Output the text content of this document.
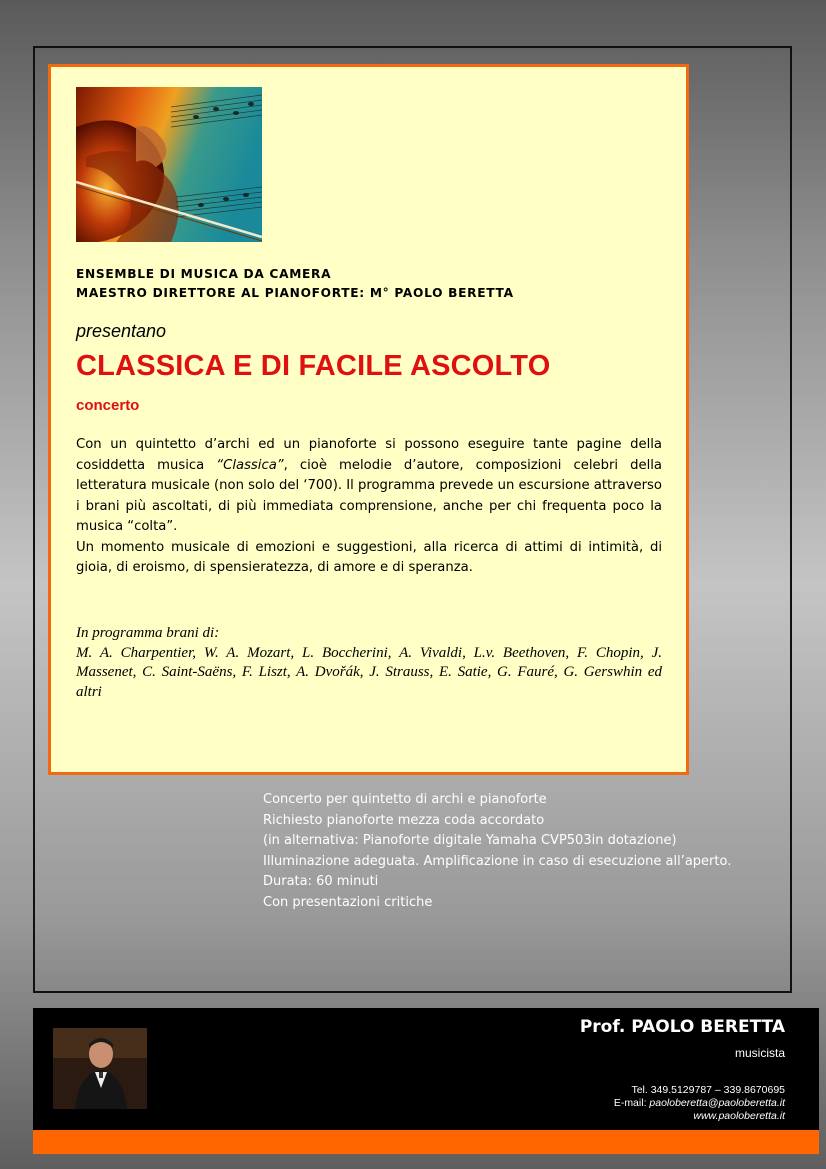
ENSEMBLE DI MUSICA DA CAMERA
MAESTRO DIRETTORE AL PIANOFORTE: M° PAOLO BERETTA
presentano
CLASSICA E DI FACILE ASCOLTO
concerto

Con un quintetto d’archi ed un pianoforte si possono eseguire tante pagine della cosiddetta musica “Classica”, cioè melodie d’autore, composizioni celebri della letteratura musicale (non solo del ‘700). Il programma prevede un escursione attraverso i brani più ascoltati, di più immediata comprensione, anche per chi frequenta poco la musica “colta”.

Un momento musicale di emozioni e suggestioni, alla ricerca di attimi di intimità, di gioia, di eroismo, di spensieratezza, di amore e di speranza.

In programma brani di:
M. A. Charpentier, W. A. Mozart, L. Boccherini, A. Vivaldi, L.v. Beethoven, F. Chopin, J. Massenet, C. Saint-Saëns, F. Liszt, A. Dvořák, J. Strauss, E. Satie, G. Fauré, G. Gerswhin ed altri
Concerto per quintetto di archi e pianoforte
Richiesto pianoforte mezza coda accordato
(in alternativa: Pianoforte digitale Yamaha CVP503in dotazione)
Illuminazione adeguata. Amplificazione in caso di esecuzione all’aperto.
Durata: 60 minuti
Con presentazioni critiche
Prof. PAOLO BERETTA
musicista
Tel. 349.5129787 – 339.8670695
E-mail: paoloberetta@paoloberetta.it
www.paoloberetta.it
